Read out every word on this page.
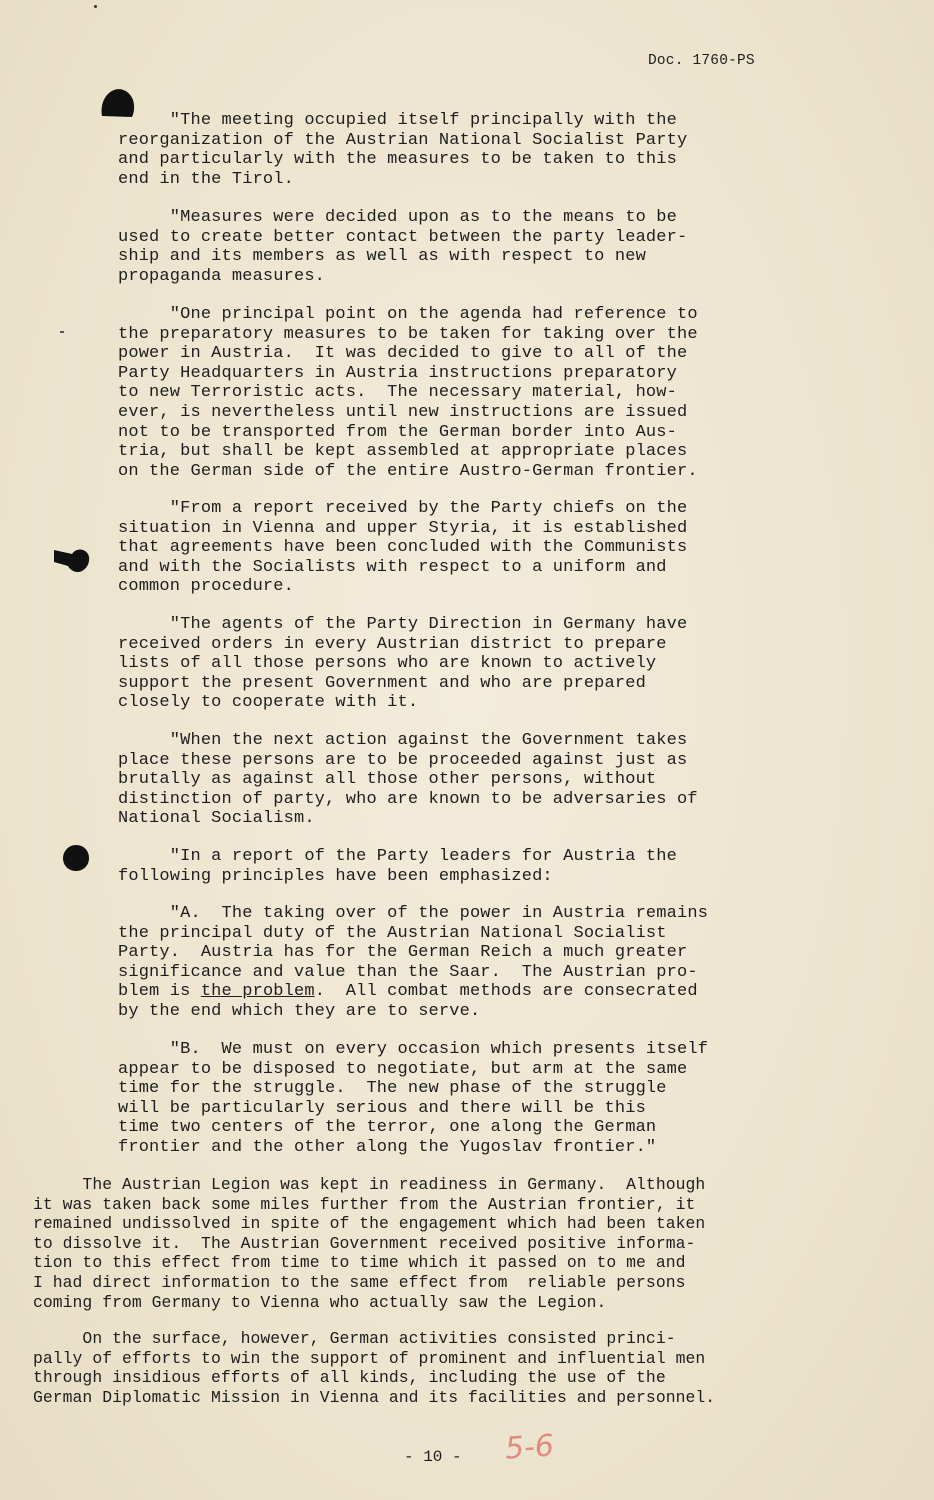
Doc. 1760-PS

"The meeting occupied itself principally with the
reorganization of the Austrian National Socialist Party
and particularly with the measures to be taken to this
end in the Tirol.

"Measures were decided upon as to the means to be
used to create better contact between the party leader-
ship and its members as well as with respect to new
propaganda measures.

"One principal point on the agenda had reference to
the preparatory measures to be taken for taking over the
power in Austria.  It was decided to give to all of the
Party Headquarters in Austria instructions preparatory
to new Terroristic acts.  The necessary material, how-
ever, is nevertheless until new instructions are issued
not to be transported from the German border into Aus-
tria, but shall be kept assembled at appropriate places
on the German side of the entire Austro-German frontier.

"From a report received by the Party chiefs on the
situation in Vienna and upper Styria, it is established
that agreements have been concluded with the Communists
and with the Socialists with respect to a uniform and
common procedure.

"The agents of the Party Direction in Germany have
received orders in every Austrian district to prepare
lists of all those persons who are known to actively
support the present Government and who are prepared
closely to cooperate with it.

"When the next action against the Government takes
place these persons are to be proceeded against just as
brutally as against all those other persons, without
distinction of party, who are known to be adversaries of
National Socialism.

"In a report of the Party leaders for Austria the
following principles have been emphasized:

"A.  The taking over of the power in Austria remains
the principal duty of the Austrian National Socialist
Party.  Austria has for the German Reich a much greater
significance and value than the Saar.  The Austrian pro-
blem is the problem.  All combat methods are consecrated
by the end which they are to serve.

"B.  We must on every occasion which presents itself
appear to be disposed to negotiate, but arm at the same
time for the struggle.  The new phase of the struggle
will be particularly serious and there will be this
time two centers of the terror, one along the German
frontier and the other along the Yugoslav frontier."

The Austrian Legion was kept in readiness in Germany.  Although
it was taken back some miles further from the Austrian frontier, it
remained undissolved in spite of the engagement which had been taken
to dissolve it.  The Austrian Government received positive informa-
tion to this effect from time to time which it passed on to me and
I had direct information to the same effect from  reliable persons
coming from Germany to Vienna who actually saw the Legion.

On the surface, however, German activities consisted princi-
pally of efforts to win the support of prominent and influential men
through insidious efforts of all kinds, including the use of the
German Diplomatic Mission in Vienna and its facilities and personnel.

- 10 - 5-6
